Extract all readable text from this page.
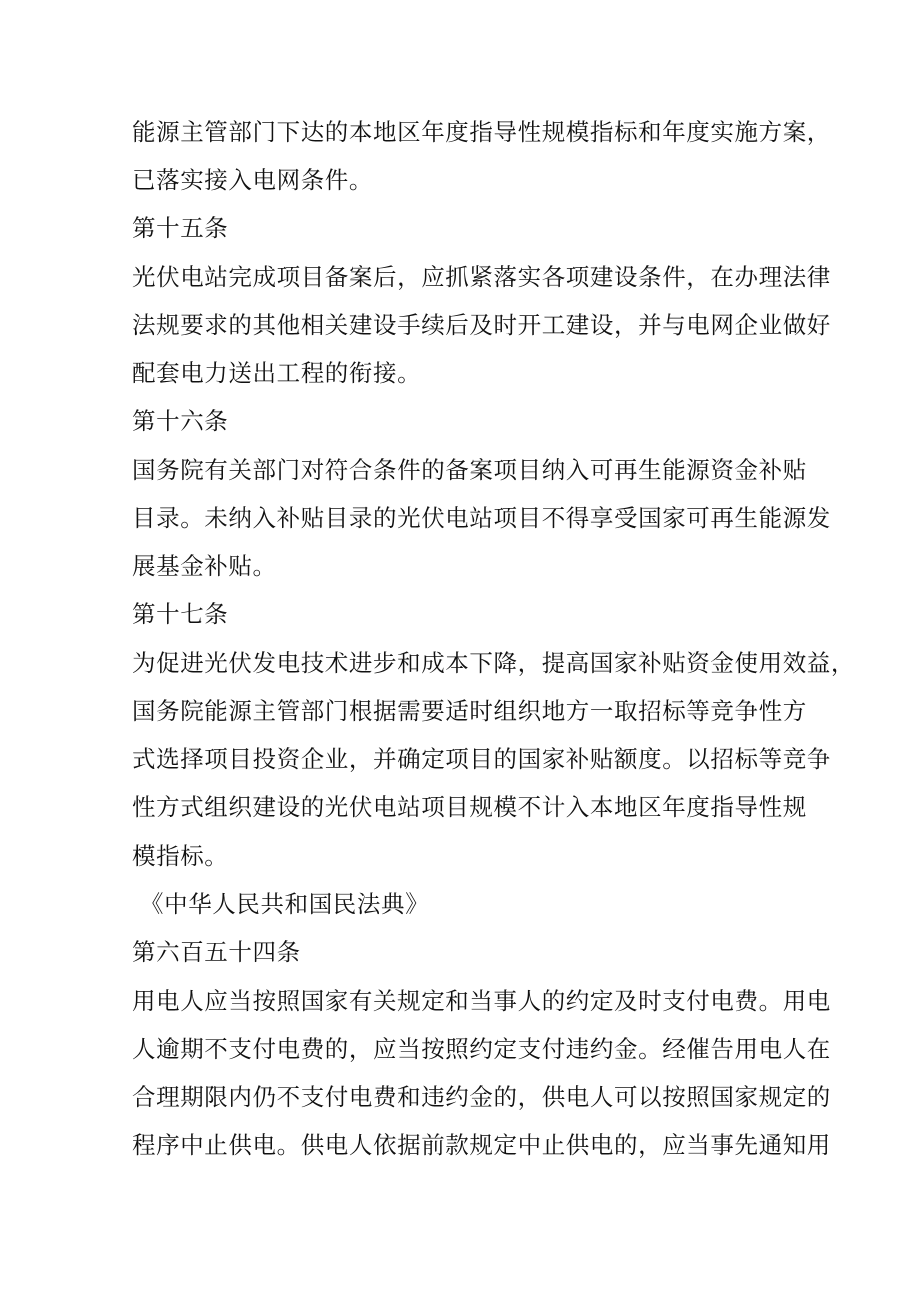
能源主管部门下达的本地区年度指导性规模指标和年度实施方案，
已落实接入电网条件。
第十五条
光伏电站完成项目备案后，应抓紧落实各项建设条件，在办理法律
法规要求的其他相关建设手续后及时开工建设，并与电网企业做好
配套电力送出工程的衔接。
第十六条
国务院有关部门对符合条件的备案项目纳入可再生能源资金补贴
目录。未纳入补贴目录的光伏电站项目不得享受国家可再生能源发
展基金补贴。
第十七条
为促进光伏发电技术进步和成本下降，提高国家补贴资金使用效益，
国务院能源主管部门根据需要适时组织地方一取招标等竞争性方
式选择项目投资企业，并确定项目的国家补贴额度。以招标等竞争
性方式组织建设的光伏电站项目规模不计入本地区年度指导性规
模指标。
《中华人民共和国民法典》
第六百五十四条
用电人应当按照国家有关规定和当事人的约定及时支付电费。用电
人逾期不支付电费的，应当按照约定支付违约金。经催告用电人在
合理期限内仍不支付电费和违约金的，供电人可以按照国家规定的
程序中止供电。供电人依据前款规定中止供电的，应当事先通知用
